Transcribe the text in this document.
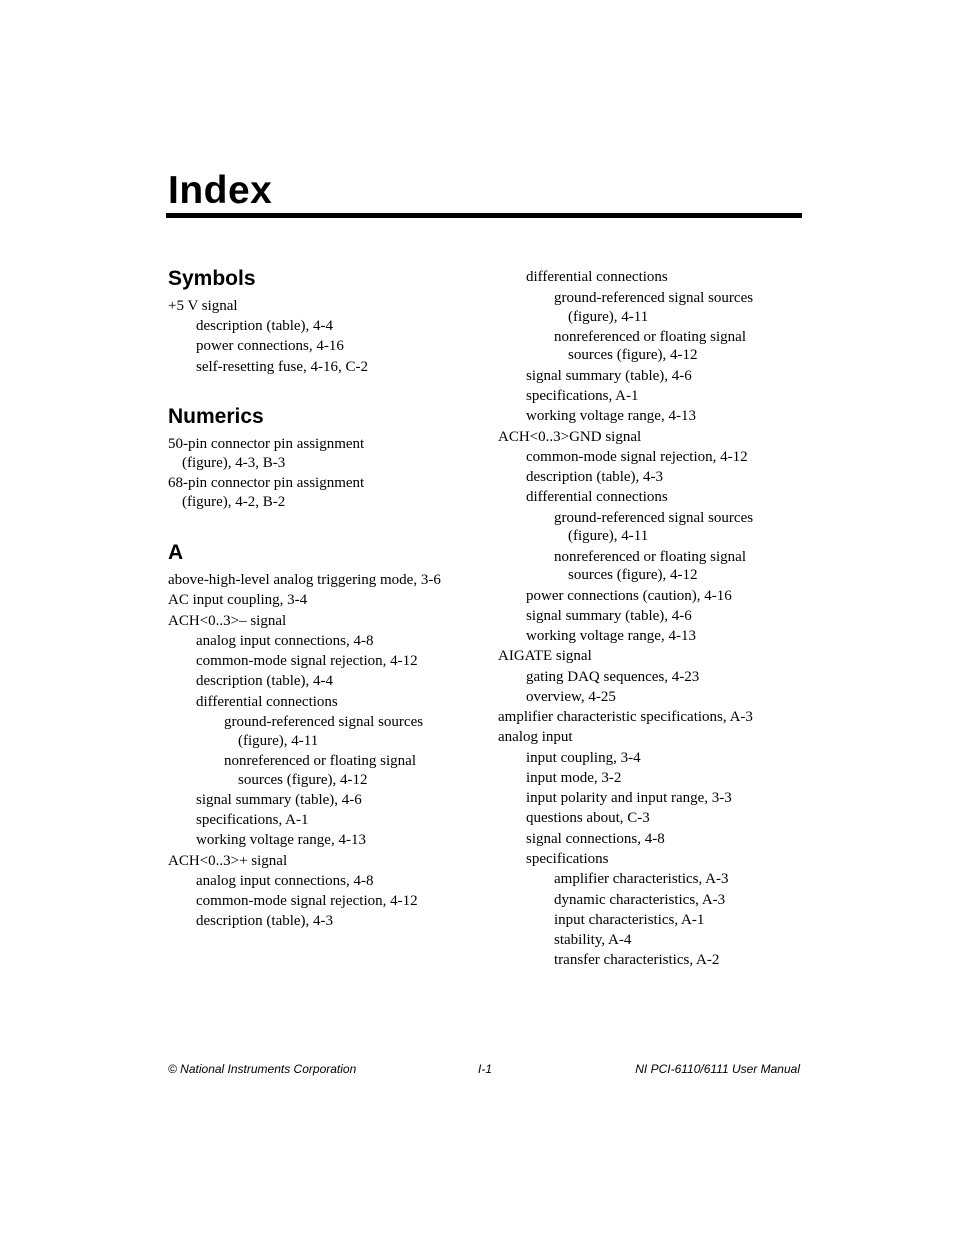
Index
Symbols
+5 V signal
description (table), 4-4
power connections, 4-16
self-resetting fuse, 4-16, C-2
Numerics
50-pin connector pin assignment
(figure), 4-3, B-3
68-pin connector pin assignment
(figure), 4-2, B-2
A
above-high-level analog triggering mode, 3-6
AC input coupling, 3-4
ACH<0..3>– signal
analog input connections, 4-8
common-mode signal rejection, 4-12
description (table), 4-4
differential connections
ground-referenced signal sources
(figure), 4-11
nonreferenced or floating signal
sources (figure), 4-12
signal summary (table), 4-6
specifications, A-1
working voltage range, 4-13
ACH<0..3>+ signal
analog input connections, 4-8
common-mode signal rejection, 4-12
description (table), 4-3
differential connections
ground-referenced signal sources
(figure), 4-11
nonreferenced or floating signal
sources (figure), 4-12
signal summary (table), 4-6
specifications, A-1
working voltage range, 4-13
ACH<0..3>GND signal
common-mode signal rejection, 4-12
description (table), 4-3
differential connections
ground-referenced signal sources
(figure), 4-11
nonreferenced or floating signal
sources (figure), 4-12
power connections (caution), 4-16
signal summary (table), 4-6
working voltage range, 4-13
AIGATE signal
gating DAQ sequences, 4-23
overview, 4-25
amplifier characteristic specifications, A-3
analog input
input coupling, 3-4
input mode, 3-2
input polarity and input range, 3-3
questions about, C-3
signal connections, 4-8
specifications
amplifier characteristics, A-3
dynamic characteristics, A-3
input characteristics, A-1
stability, A-4
transfer characteristics, A-2
© National Instruments Corporation	I-1	NI PCI-6110/6111 User Manual
